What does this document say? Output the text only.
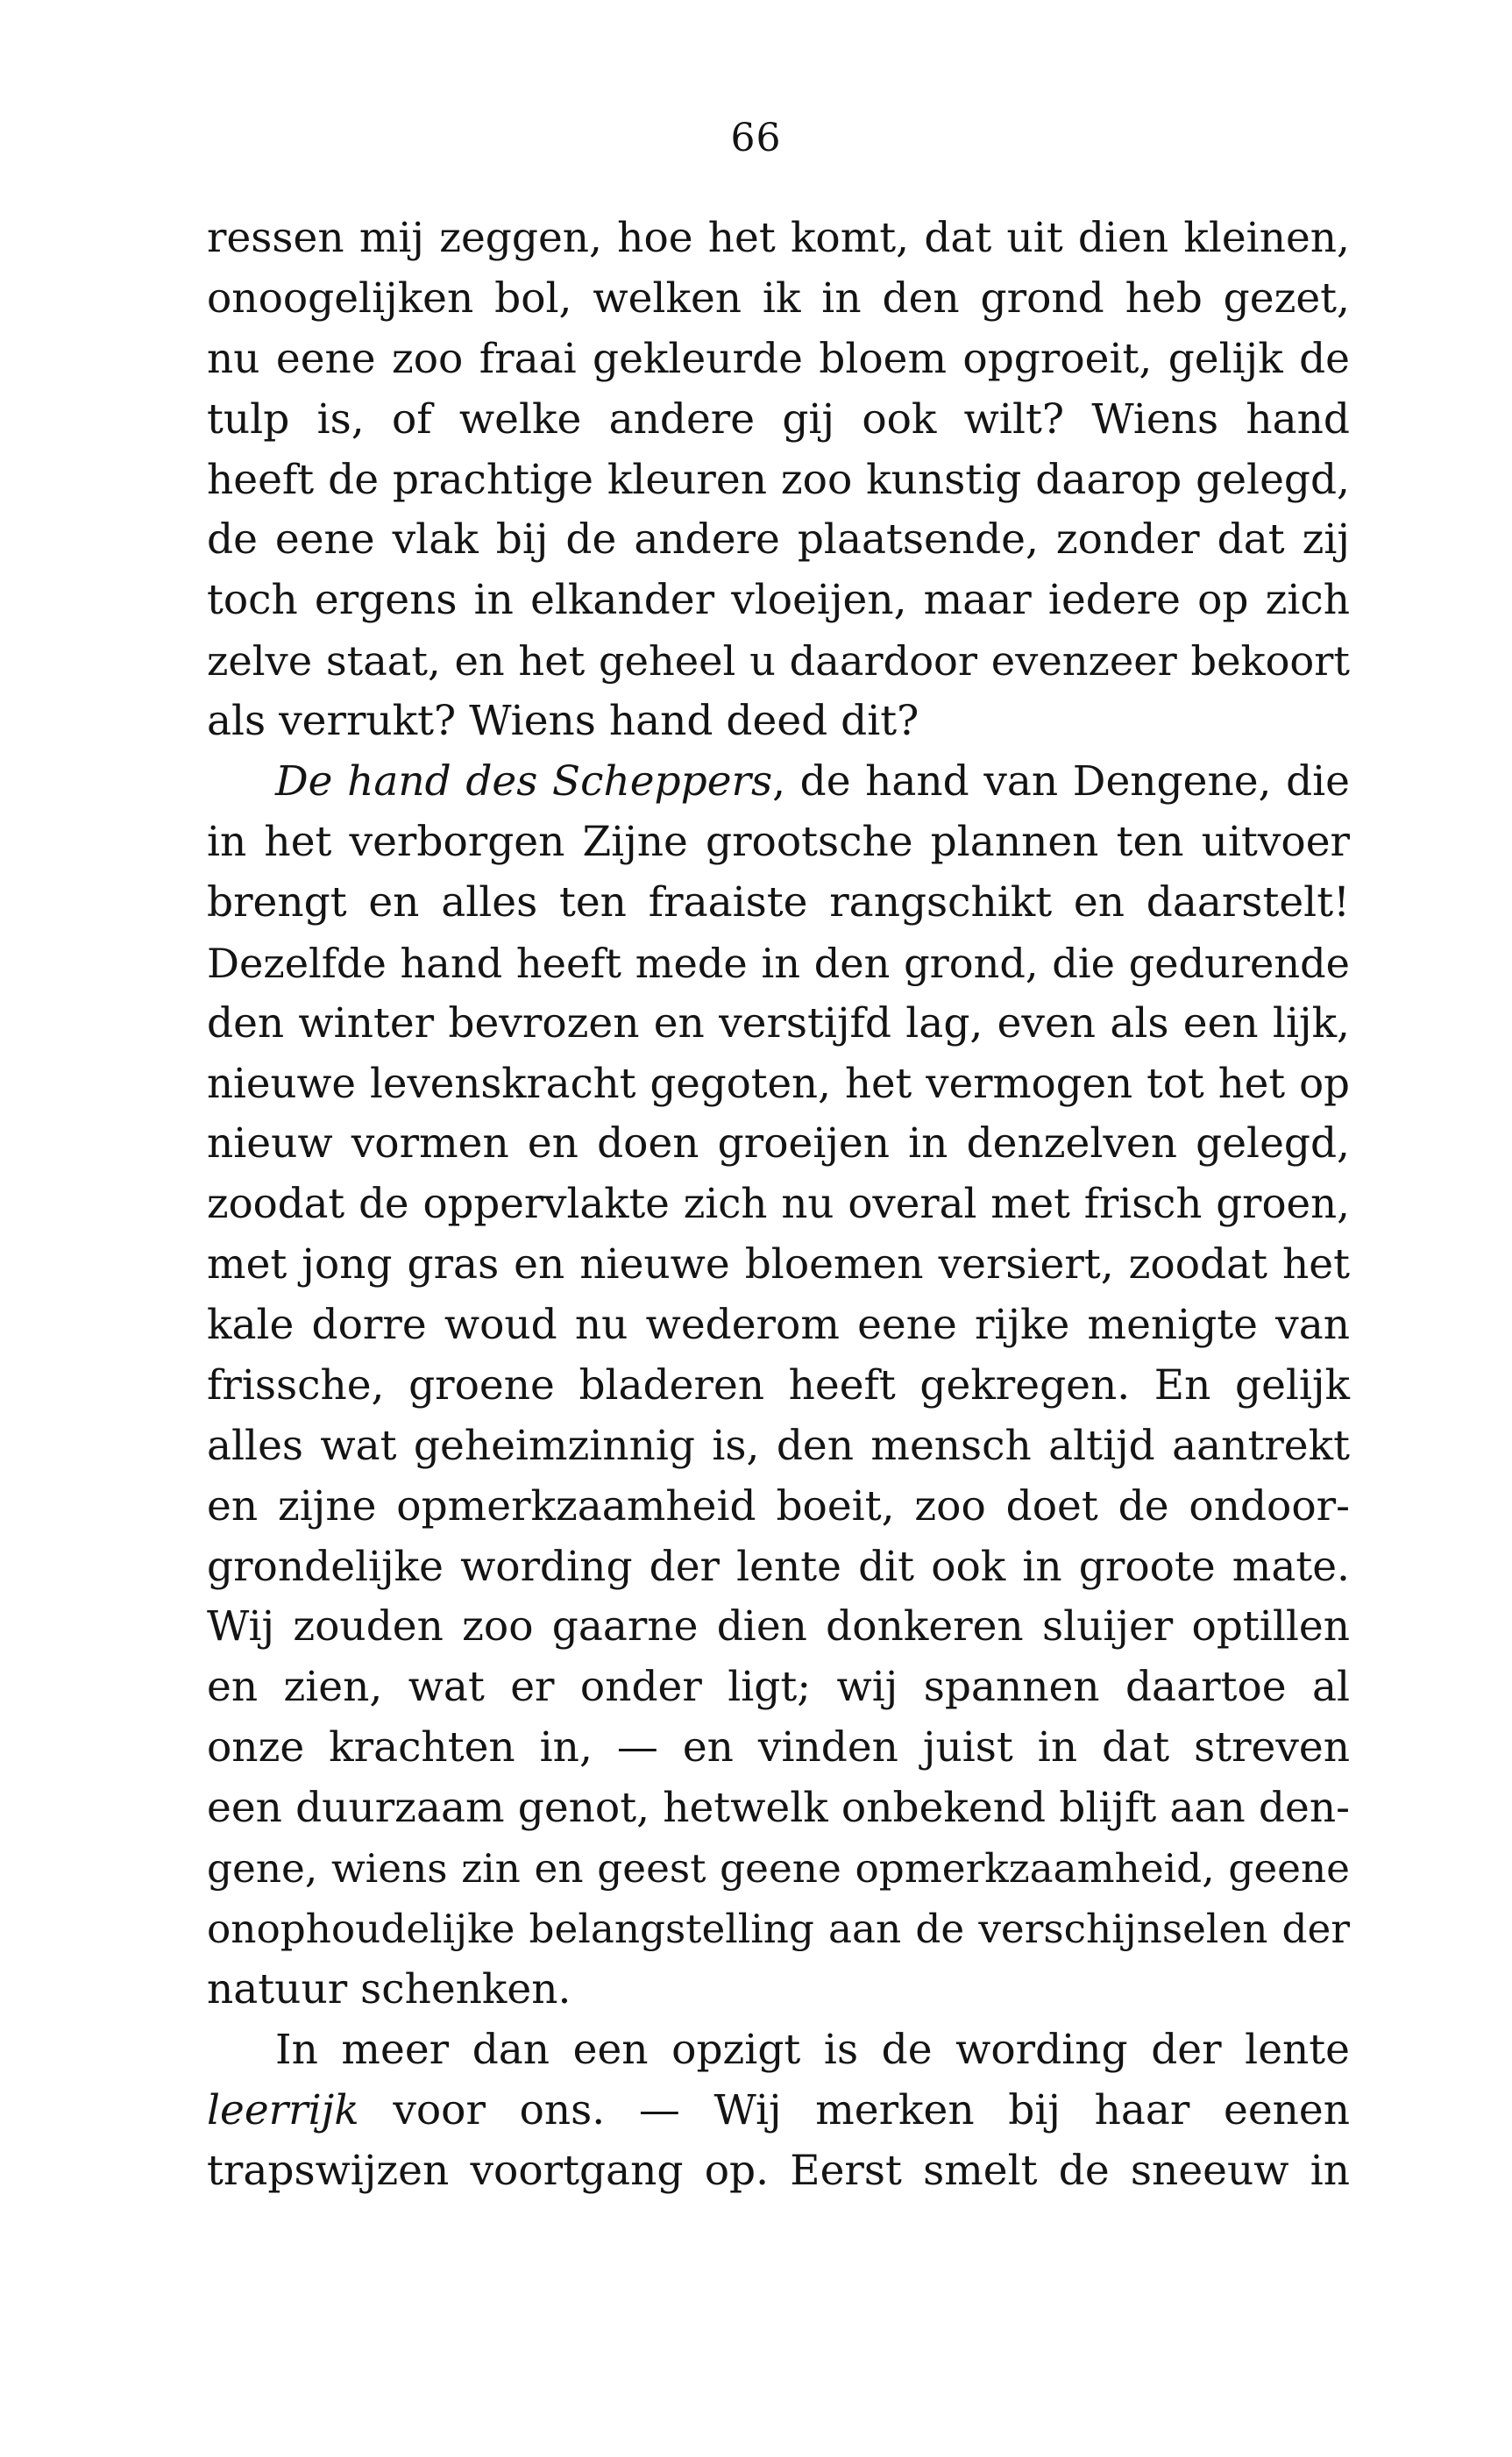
66
ressen mij zeggen, hoe het komt, dat uit dien kleinen,
onoogelijken bol, welken ik in den grond heb gezet,
nu eene zoo fraai gekleurde bloem opgroeit, gelijk de
tulp is, of welke andere gij ook wilt? Wiens hand
heeft de prachtige kleuren zoo kunstig daarop gelegd,
de eene vlak bij de andere plaatsende, zonder dat zij
toch ergens in elkander vloeijen, maar iedere op zich
zelve staat, en het geheel u daardoor evenzeer bekoort
als verrukt? Wiens hand deed dit?
De hand des Scheppers, de hand van Dengene, die
in het verborgen Zijne grootsche plannen ten uitvoer
brengt en alles ten fraaiste rangschikt en daarstelt!
Dezelfde hand heeft mede in den grond, die gedurende
den winter bevrozen en verstijfd lag, even als een lijk,
nieuwe levenskracht gegoten, het vermogen tot het op
nieuw vormen en doen groeijen in denzelven gelegd,
zoodat de oppervlakte zich nu overal met frisch groen,
met jong gras en nieuwe bloemen versiert, zoodat het
kale dorre woud nu wederom eene rijke menigte van
frissche, groene bladeren heeft gekregen. En gelijk
alles wat geheimzinnig is, den mensch altijd aantrekt
en zijne opmerkzaamheid boeit, zoo doet de ondoor-
grondelijke wording der lente dit ook in groote mate.
Wij zouden zoo gaarne dien donkeren sluijer optillen
en zien, wat er onder ligt; wij spannen daartoe al
onze krachten in, — en vinden juist in dat streven
een duurzaam genot, hetwelk onbekend blijft aan den-
gene, wiens zin en geest geene opmerkzaamheid, geene
onophoudelijke belangstelling aan de verschijnselen der
natuur schenken.
In meer dan een opzigt is de wording der lente
leerrijk voor ons. — Wij merken bij haar eenen
trapswijzen voortgang op. Eerst smelt de sneeuw in
